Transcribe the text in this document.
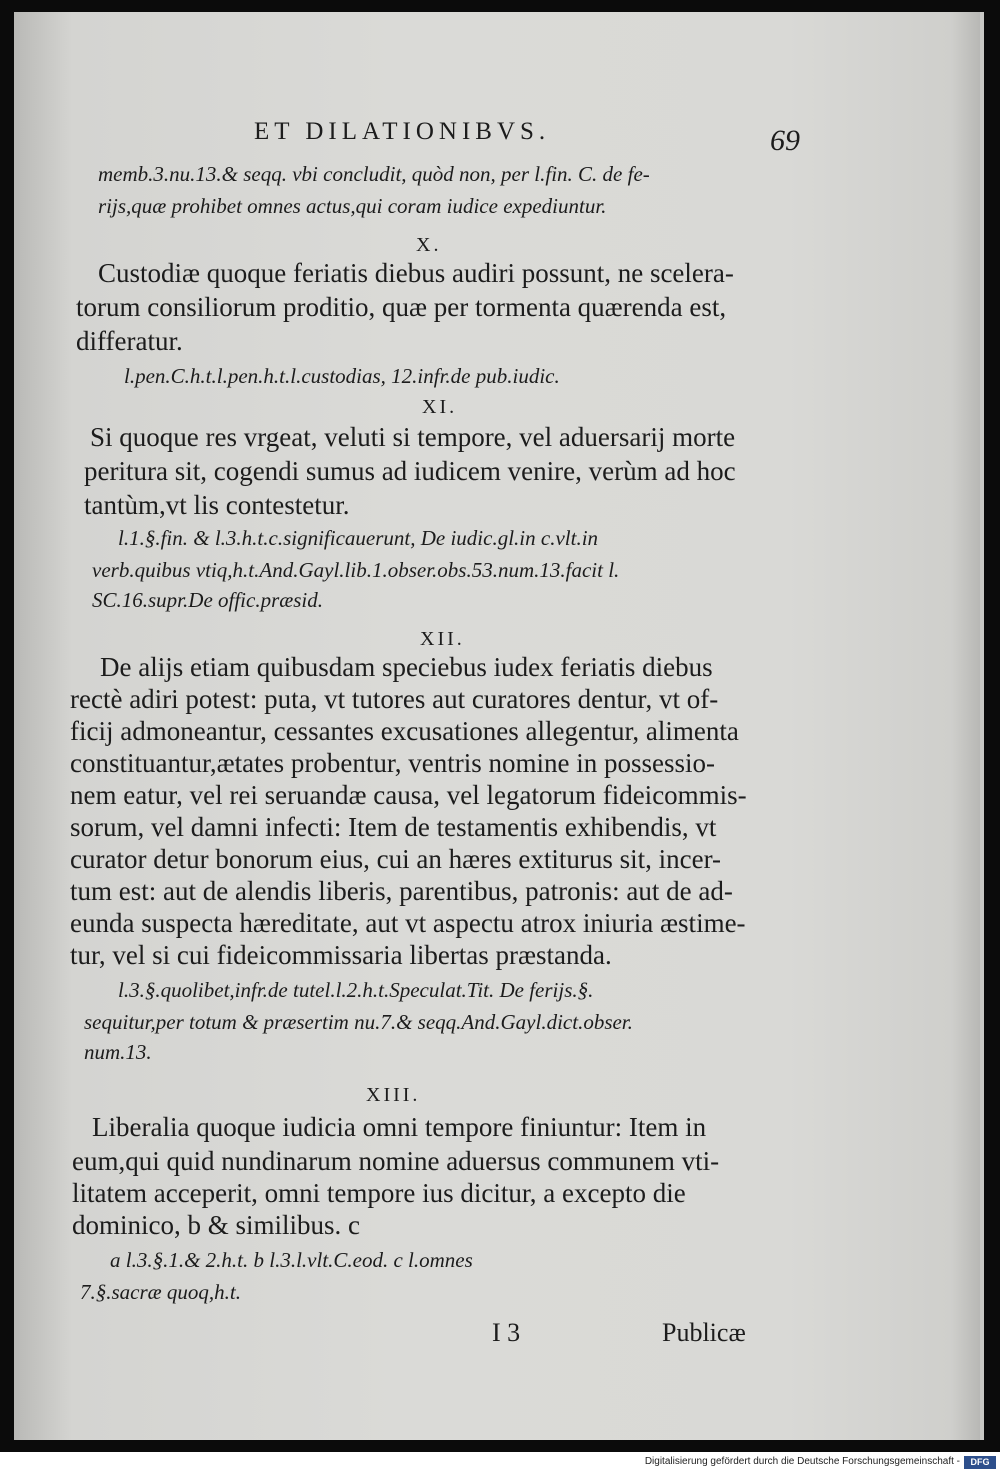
ET DILATIONIBVS.	69
memb.3.nu.13.& seqq. vbi concludit, quòd non, per l.fin. C. de fe-
rijs,quæ prohibet omnes actus,qui coram iudice expediuntur.
X.
Custodiæ quoque feriatis diebus audiri possunt, ne scelera-
torum consiliorum proditio, quæ per tormenta quærenda est,
differatur.
l.pen.C.h.t.l.pen.h.t.l.custodias, 12.infr.de pub.iudic.
XI.
Si quoque res vrgeat, veluti si tempore, vel aduersarij morte
peritura sit, cogendi sumus ad iudicem venire, verùm ad hoc
tantùm,vt lis contestetur.
l.1.§.fin. & l.3.h.t.c.significauerunt, De iudic.gl.in c.vlt.in
verb.quibus vtiq,h.t.And.Gayl.lib.1.obser.obs.53.num.13.facit l.
SC.16.supr.De offic.præsid.
XII.
De alijs etiam quibusdam speciebus iudex feriatis diebus
rectè adiri potest: puta, vt tutores aut curatores dentur, vt of-
ficij admoneantur, cessantes excusationes allegentur, alimenta
constituantur,ætates probentur, ventris nomine in possessio-
nem eatur, vel rei seruandæ causa, vel legatorum fideicommis-
sorum, vel damni infecti: Item de testamentis exhibendis, vt
curator detur bonorum eius, cui an hæres extiturus sit, incer-
tum est: aut de alendis liberis, parentibus, patronis: aut de ad-
eunda suspecta hæreditate, aut vt aspectu atrox iniuria æstime-
tur, vel si cui fideicommissaria libertas præstanda.
l.3.§.quolibet,infr.de tutel.l.2.h.t.Speculat.Tit. De ferijs.§.
sequitur,per totum & præsertim nu.7.& seqq.And.Gayl.dict.obser.
num.13.
XIII.
Liberalia quoque iudicia omni tempore finiuntur: Item in
eum,qui quid nundinarum nomine aduersus communem vti-
litatem acceperit, omni tempore ius dicitur, a excepto die
dominico, b & similibus. c
a l.3.§.1.& 2.h.t. b l.3.l.vlt.C.eod. c l.omnes
7.§.sacræ quoq,h.t.
I 3	Publicæ
Digitalisierung gefördert durch die Deutsche Forschungsgemeinschaft -	DFG
